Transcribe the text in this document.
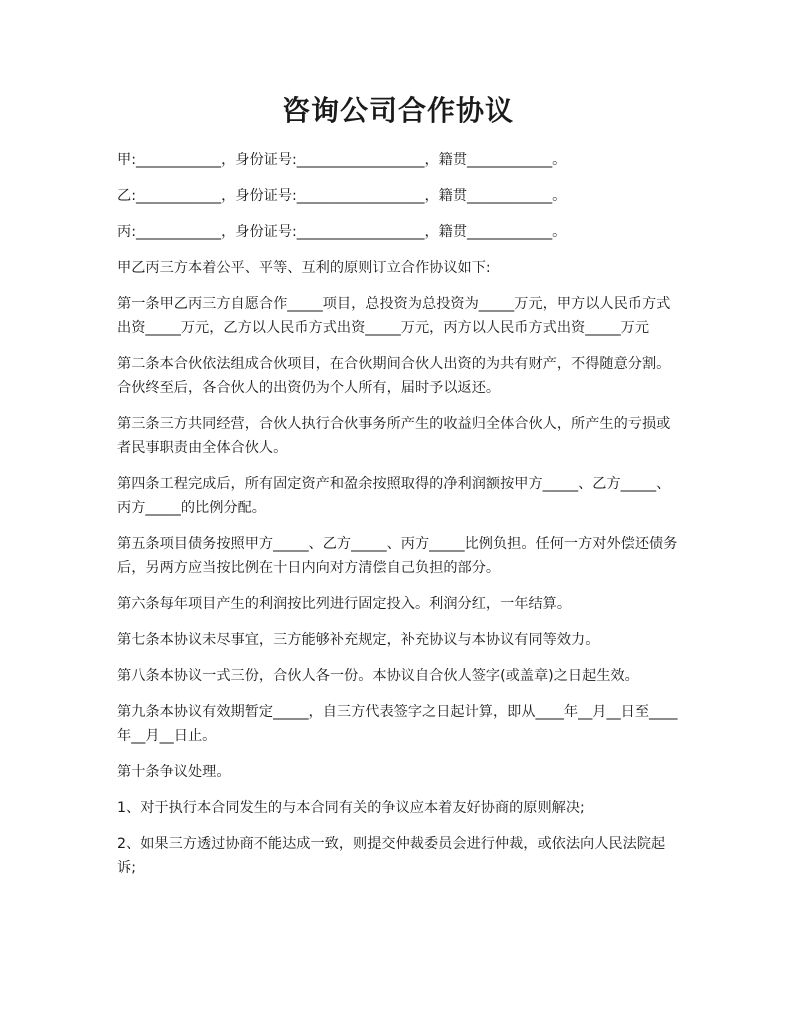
咨询公司合作协议

甲:____________，身份证号:__________________，籍贯____________。

乙:____________，身份证号:__________________，籍贯____________。

丙:____________，身份证号:__________________，籍贯____________。

甲乙丙三方本着公平、平等、互利的原则订立合作协议如下:

第一条甲乙丙三方自愿合作_____项目，总投资为总投资为_____万元，甲方以人民币方式出资_____万元，乙方以人民币方式出资_____万元，丙方以人民币方式出资_____万元

第二条本合伙依法组成合伙项目，在合伙期间合伙人出资的为共有财产，不得随意分割。合伙终至后，各合伙人的出资仍为个人所有，届时予以返还。

第三条三方共同经营，合伙人执行合伙事务所产生的收益归全体合伙人，所产生的亏损或者民事职责由全体合伙人。

第四条工程完成后，所有固定资产和盈余按照取得的净利润额按甲方_____、乙方_____、丙方_____的比例分配。

第五条项目债务按照甲方_____、乙方_____、丙方_____比例负担。任何一方对外偿还债务后，另两方应当按比例在十日内向对方清偿自己负担的部分。

第六条每年项目产生的利润按比列进行固定投入。利润分红，一年结算。

第七条本协议未尽事宜，三方能够补充规定，补充协议与本协议有同等效力。

第八条本协议一式三份，合伙人各一份。本协议自合伙人签字(或盖章)之日起生效。

第九条本协议有效期暂定_____，自三方代表签字之日起计算，即从____年__月__日至____年__月__日止。

第十条争议处理。

1、对于执行本合同发生的与本合同有关的争议应本着友好协商的原则解决;

2、如果三方透过协商不能达成一致，则提交仲裁委员会进行仲裁，或依法向人民法院起诉;
